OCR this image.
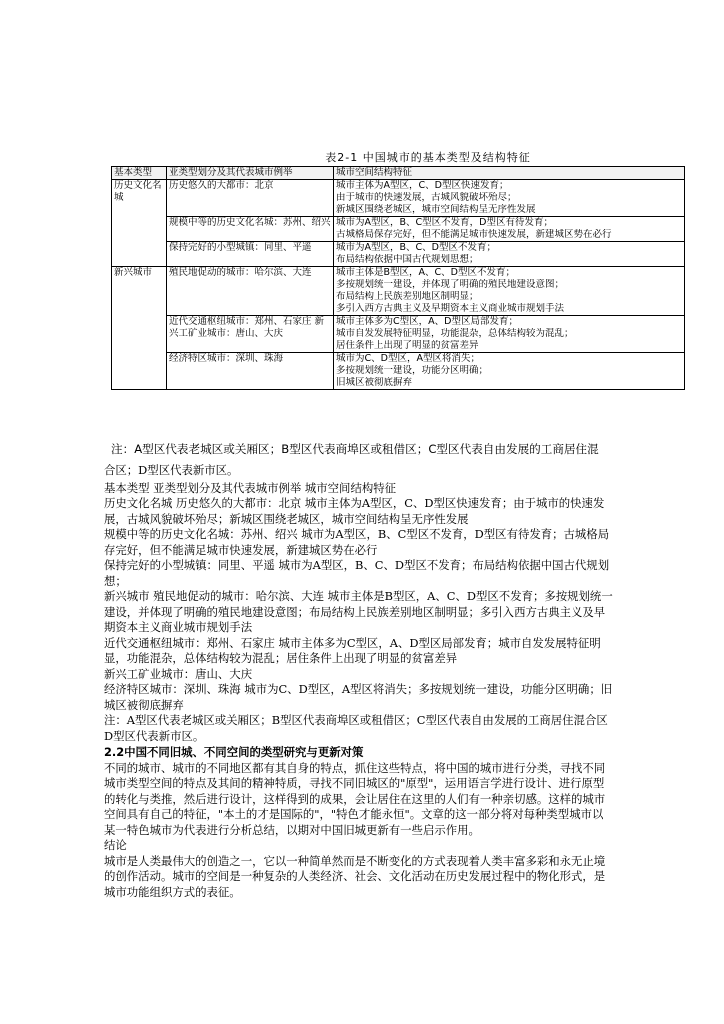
表2-1 中国城市的基本类型及结构特征
基本类型	亚类型划分及其代表城市例举	城市空间结构特征
历史文化名城	历史悠久的大都市：北京	城市主体为A型区，C、D型区快速发育；
由于城市的快速发展，古城风貌破坏殆尽；
新城区围绕老城区，城市空间结构呈无序性发展

	规模中等的历史文化名城：苏州、绍兴	城市为A型区，B、C型区不发育，D型区有待发育；
古城格局保存完好，但不能满足城市快速发展，新建城区势在必行

	保持完好的小型城镇：同里、平遥	城市为A型区，B、C、D型区不发育；
布局结构依据中国古代规划思想；

新兴城市	殖民地促动的城市：哈尔滨、大连	城市主体是B型区，A、C、D型区不发育；
多按规划统一建设，并体现了明确的殖民地建设意图；
布局结构上民族差别地区制明显；
多引入西方古典主义及早期资本主义商业城市规划手法

	近代交通枢纽城市：郑州、石家庄 新兴工矿业城市：唐山、大庆	城市主体多为C型区，A、D型区局部发育；
城市自发发展特征明显，功能混杂，总体结构较为混乱；
居住条件上出现了明显的贫富差异

	经济特区城市：深圳、珠海	城市为C、D型区，A型区将消失；
多按规划统一建设，功能分区明确；
旧城区被彻底摒弃
注：A型区代表老城区或关厢区；B型区代表商埠区或租借区；C型区代表自由发展的工商居住混
合区；D型区代表新市区。
基本类型 亚类型划分及其代表城市例举 城市空间结构特征
历史文化名城 历史悠久的大都市：北京 城市主体为A型区，C、D型区快速发育；由于城市的快速发
展，古城风貌破坏殆尽；新城区围绕老城区，城市空间结构呈无序性发展
规模中等的历史文化名城：苏州、绍兴 城市为A型区，B、C型区不发育，D型区有待发育；古城格局
存完好，但不能满足城市快速发展，新建城区势在必行
保持完好的小型城镇：同里、平遥 城市为A型区，B、C、D型区不发育；布局结构依据中国古代规划
想；
新兴城市 殖民地促动的城市：哈尔滨、大连 城市主体是B型区，A、C、D型区不发育；多按规划统一
建设，并体现了明确的殖民地建设意图；布局结构上民族差别地区制明显；多引入西方古典主义及早
期资本主义商业城市规划手法
近代交通枢纽城市：郑州、石家庄 城市主体多为C型区，A、D型区局部发育；城市自发发展特征明
显，功能混杂，总体结构较为混乱；居住条件上出现了明显的贫富差异
新兴工矿业城市：唐山、大庆
经济特区城市：深圳、珠海 城市为C、D型区，A型区将消失；多按规划统一建设，功能分区明确；旧
城区被彻底摒弃
注：A型区代表老城区或关厢区；B型区代表商埠区或租借区；C型区代表自由发展的工商居住混合区
D型区代表新市区。
2.2中国不同旧城、不同空间的类型研究与更新对策
不同的城市、城市的不同地区都有其自身的特点，抓住这些特点，将中国的城市进行分类，寻找不同
城市类型空间的特点及其间的精神特质，寻找不同旧城区的"原型"，运用语言学进行设计、进行原型
的转化与类推，然后进行设计，这样得到的成果，会让居住在这里的人们有一种亲切感。这样的城市
空间具有自己的特征，"本土的才是国际的"，"特色才能永恒"。文章的这一部分将对每种类型城市以
某一特色城市为代表进行分析总结，以期对中国旧城更新有一些启示作用。
结论
城市是人类最伟大的创造之一，它以一种简单然而是不断变化的方式表现着人类丰富多彩和永无止境
的创作活动。城市的空间是一种复杂的人类经济、社会、文化活动在历史发展过程中的物化形式，是
城市功能组织方式的表征。
